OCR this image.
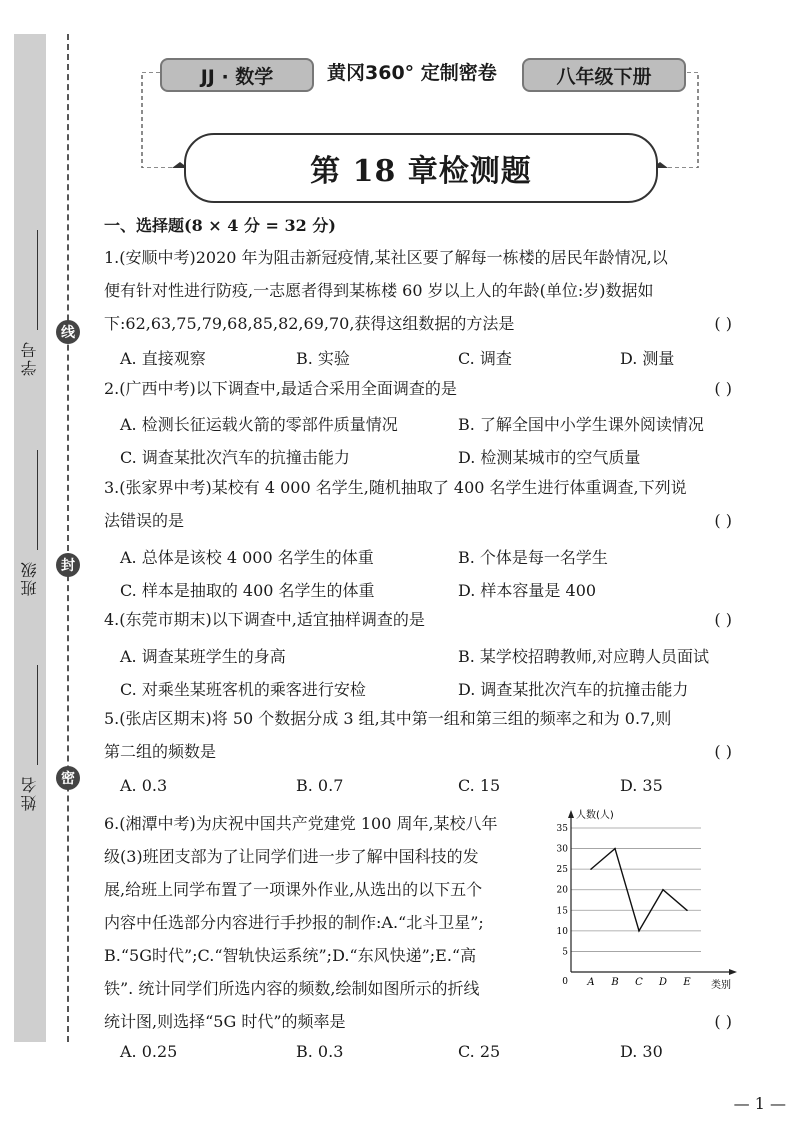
学号
班级
姓名
线
封
密
JJ · 数学	黄冈360° 定制密卷	八年级下册
第 18 章检测题
一、选择题(8 × 4 分 = 32 分)
1.(安顺中考)2020 年为阻击新冠疫情,某社区要了解每一栋楼的居民年龄情况,以
便有针对性进行防疫,一志愿者得到某栋楼 60 岁以上人的年龄(单位:岁)数据如
下:62,63,75,79,68,85,82,69,70,获得这组数据的方法是	( )
A. 直接观察	B. 实验	C. 调查	D. 测量
2.(广西中考)以下调查中,最适合采用全面调查的是	( )
A. 检测长征运载火箭的零部件质量情况	B. 了解全国中小学生课外阅读情况
C. 调查某批次汽车的抗撞击能力	D. 检测某城市的空气质量
3.(张家界中考)某校有 4 000 名学生,随机抽取了 400 名学生进行体重调查,下列说
法错误的是	( )
A. 总体是该校 4 000 名学生的体重	B. 个体是每一名学生
C. 样本是抽取的 400 名学生的体重	D. 样本容量是 400
4.(东莞市期末)以下调查中,适宜抽样调查的是	( )
A. 调查某班学生的身高	B. 某学校招聘教师,对应聘人员面试
C. 对乘坐某班客机的乘客进行安检	D. 调查某批次汽车的抗撞击能力
5.(张店区期末)将 50 个数据分成 3 组,其中第一组和第三组的频率之和为 0.7,则
第二组的频数是	( )
A. 0.3	B. 0.7	C. 15	D. 35
6.(湘潭中考)为庆祝中国共产党建党 100 周年,某校八年
级(3)班团支部为了让同学们进一步了解中国科技的发
展,给班上同学布置了一项课外作业,从选出的以下五个
内容中任选部分内容进行手抄报的制作:A.“北斗卫星”;
B.“5G时代”;C.“智轨快运系统”;D.“东风快递”;E.“高
铁”. 统计同学们所选内容的频数,绘制如图所示的折线
统计图,则选择“5G 时代”的频率是	( )
A. 0.25	B. 0.3	C. 25	D. 30
5
10
15
20
25
30
35
0
人数(人)
类别
A B C D E
— 1 —
